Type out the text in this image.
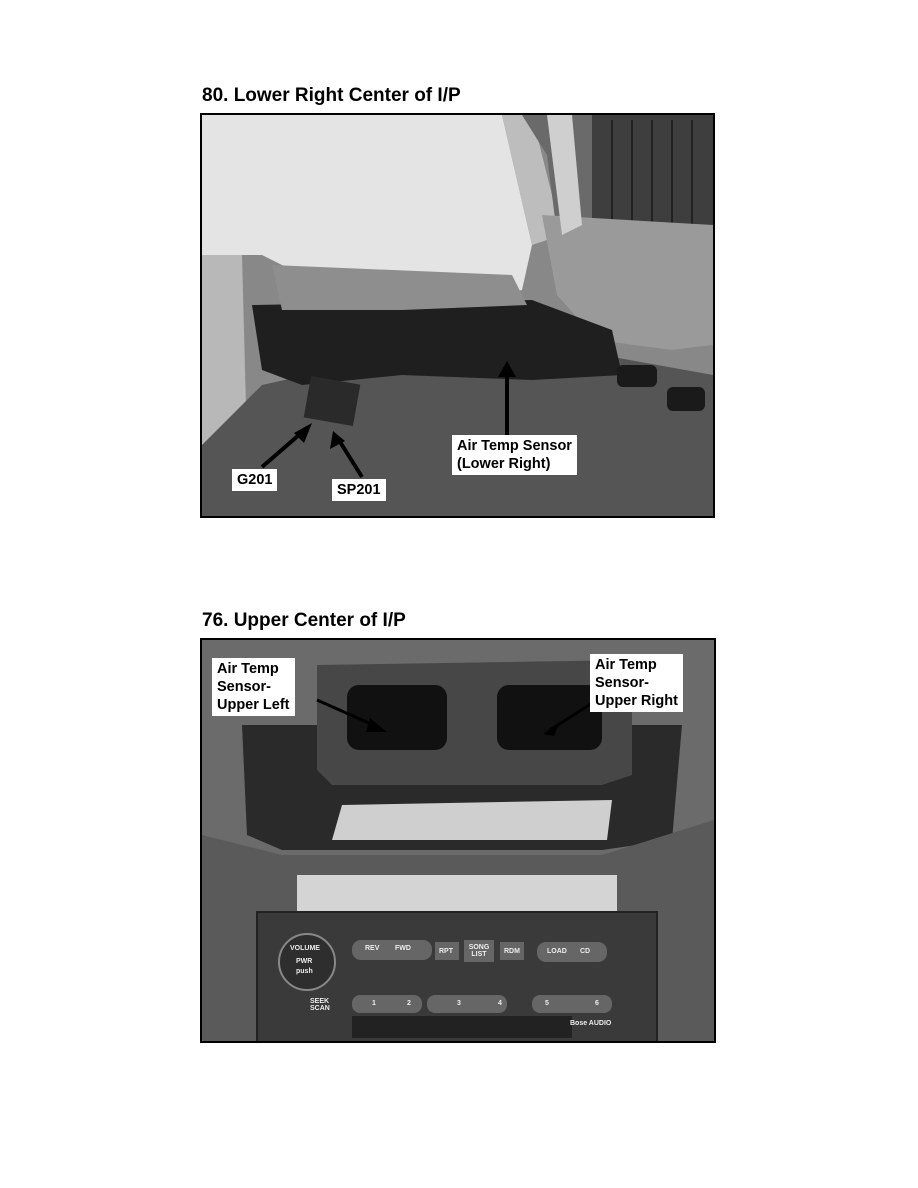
80. Lower Right Center of I/P
Air Temp Sensor
(Lower Right)
G201
SP201
76. Upper Center of I/P
Air Temp
Sensor-
Upper Left
Air Temp
Sensor-
Upper Right
VOLUME
PWR
push
REV FWD	RPT
SONG LIST	RDM	LOAD CD
SEEK SCAN
1	2	3	4	5	6
Bose AUDIO
